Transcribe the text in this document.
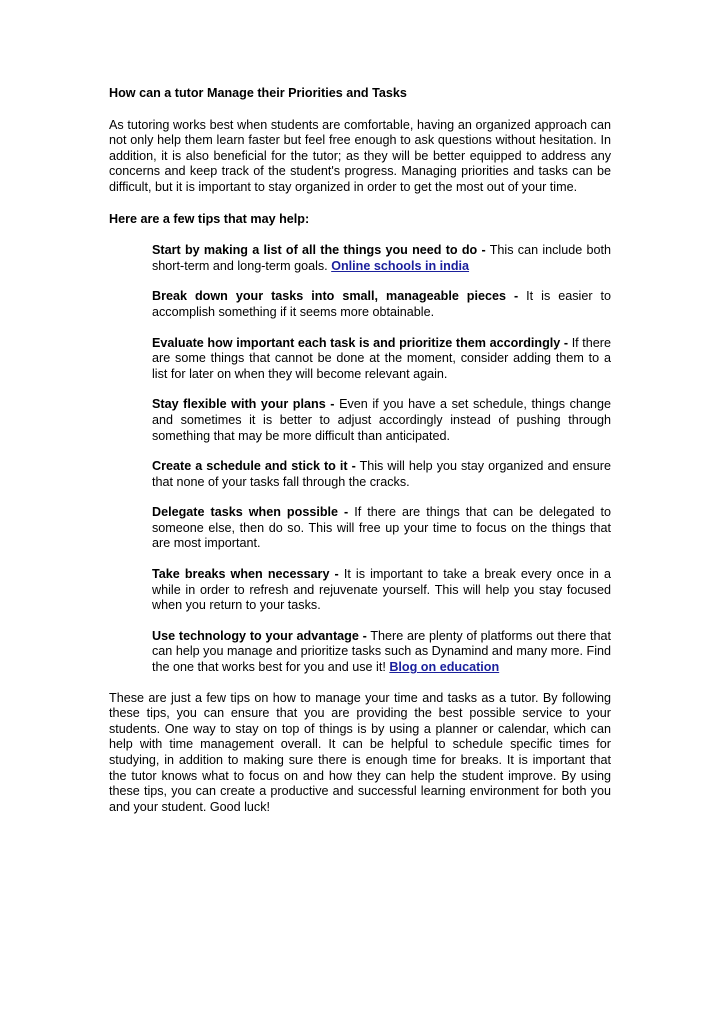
How can a tutor Manage their Priorities and Tasks

As tutoring works best when students are comfortable, having an organized approach can not only help them learn faster but feel free enough to ask questions without hesitation. In addition, it is also beneficial for the tutor; as they will be better equipped to address any concerns and keep track of the student's progress. Managing priorities and tasks can be difficult, but it is important to stay organized in order to get the most out of your time.

Here are a few tips that may help:

Start by making a list of all the things you need to do - This can include both short-term and long-term goals. Online schools in india
Break down your tasks into small, manageable pieces - It is easier to accomplish something if it seems more obtainable.
Evaluate how important each task is and prioritize them accordingly - If there are some things that cannot be done at the moment, consider adding them to a list for later on when they will become relevant again.
Stay flexible with your plans - Even if you have a set schedule, things change and sometimes it is better to adjust accordingly instead of pushing through something that may be more difficult than anticipated.
Create a schedule and stick to it - This will help you stay organized and ensure that none of your tasks fall through the cracks.
Delegate tasks when possible - If there are things that can be delegated to someone else, then do so. This will free up your time to focus on the things that are most important.
Take breaks when necessary - It is important to take a break every once in a while in order to refresh and rejuvenate yourself. This will help you stay focused when you return to your tasks.
Use technology to your advantage - There are plenty of platforms out there that can help you manage and prioritize tasks such as Dynamind and many more. Find the one that works best for you and use it! Blog on education

These are just a few tips on how to manage your time and tasks as a tutor. By following these tips, you can ensure that you are providing the best possible service to your students. One way to stay on top of things is by using a planner or calendar, which can help with time management overall. It can be helpful to schedule specific times for studying, in addition to making sure there is enough time for breaks. It is important that the tutor knows what to focus on and how they can help the student improve. By using these tips, you can create a productive and successful learning environment for both you and your student. Good luck!
